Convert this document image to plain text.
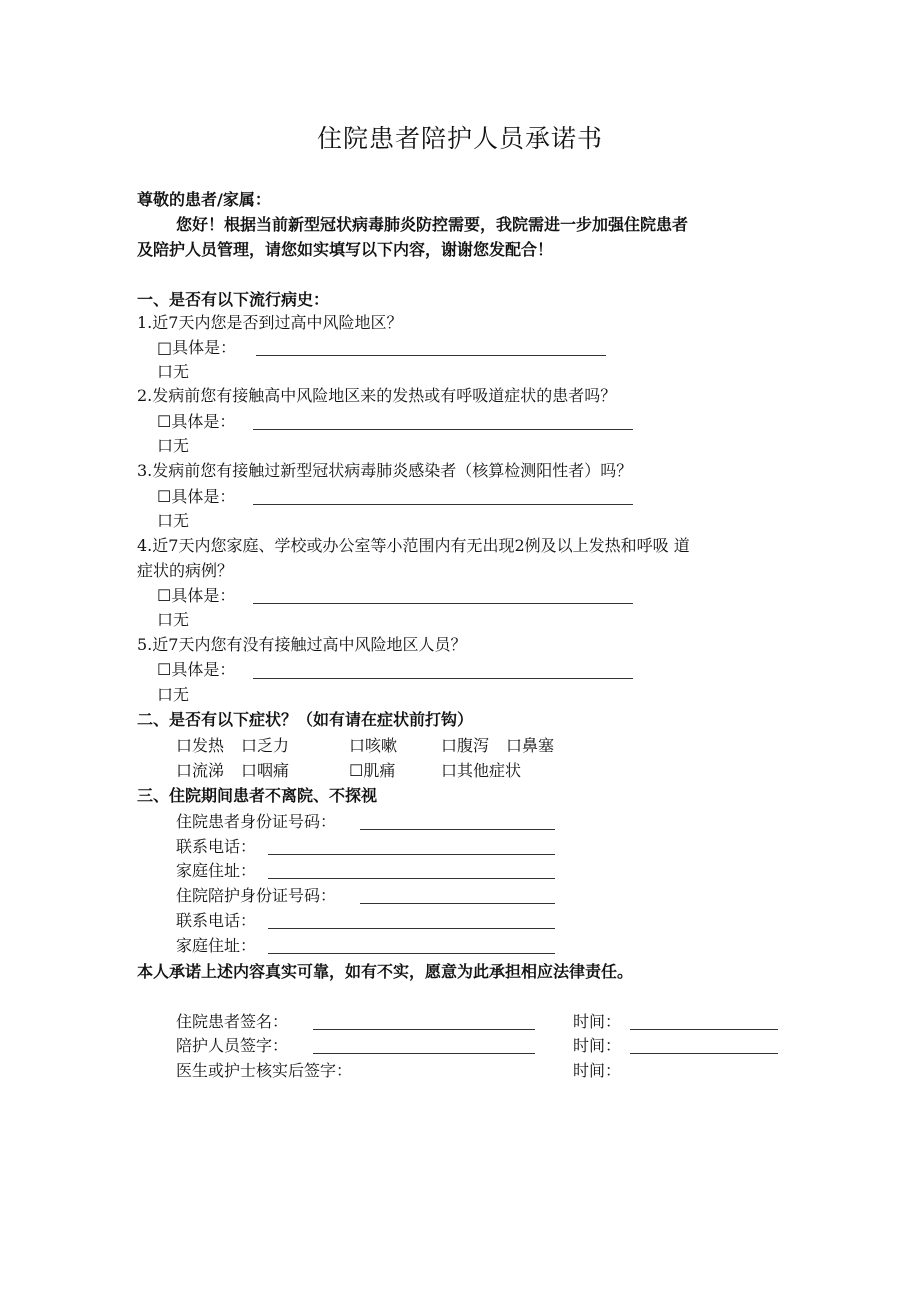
住院患者陪护人员承诺书
尊敬的患者/家属：
您好！根据当前新型冠状病毒肺炎防控需要，我院需进一步加强住院患者
及陪护人员管理，请您如实填写以下内容，谢谢您发配合！
一、是否有以下流行病史：
1.近7天内您是否到过高中风险地区？
□具体是：
口无
2.发病前您有接触高中风险地区来的发热或有呼吸道症状的患者吗？
☐具体是：
口无
3.发病前您有接触过新型冠状病毒肺炎感染者（核算检测阳性者）吗？
☐具体是：
口无
4.近7天内您家庭、学校或办公室等小范围内有无出现2例及以上发热和呼吸 道
症状的病例？
☐具体是：
口无
5.近7天内您有没有接触过高中风险地区人员？
☐具体是：
口无
二、是否有以下症状？（如有请在症状前打钩）
口发热 口乏力	口咳嗽	口腹泻 口鼻塞
口流涕 口咽痛	☐肌痛	口其他症状
三、住院期间患者不离院、不探视
住院患者身份证号码：
联系电话：
家庭住址：
住院陪护身份证号码：
联系电话：
家庭住址：
本人承诺上述内容真实可靠，如有不实，愿意为此承担相应法律责任。
住院患者签名：	时间：
陪护人员签字：	时间：
医生或护士核实后签字：	时间：
